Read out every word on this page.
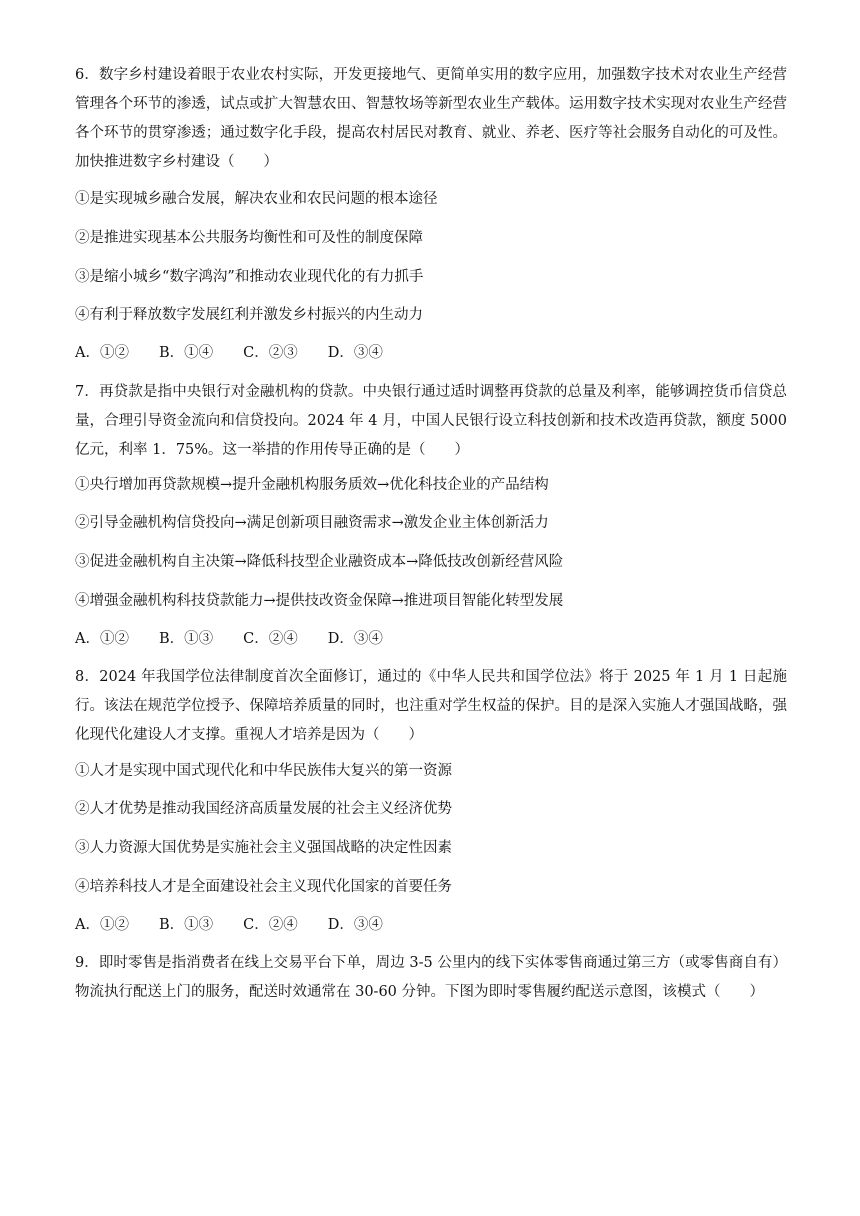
6．数字乡村建设着眼于农业农村实际，开发更接地气、更简单实用的数字应用，加强数字技术对农业生产经营管理各个环节的渗透，试点或扩大智慧农田、智慧牧场等新型农业生产载体。运用数字技术实现对农业生产经营各个环节的贯穿渗透；通过数字化手段，提高农村居民对教育、就业、养老、医疗等社会服务自动化的可及性。加快推进数字乡村建设（　　）

①是实现城乡融合发展，解决农业和农民问题的根本途径

②是推进实现基本公共服务均衡性和可及性的制度保障

③是缩小城乡“数字鸿沟”和推动农业现代化的有力抓手

④有利于释放数字发展红利并激发乡村振兴的内生动力

A．①② B．①④ C．②③ D．③④

7．再贷款是指中央银行对金融机构的贷款。中央银行通过适时调整再贷款的总量及利率，能够调控货币信贷总量，合理引导资金流向和信贷投向。2024 年 4 月，中国人民银行设立科技创新和技术改造再贷款，额度 5000 亿元，利率 1．75%。这一举措的作用传导正确的是（　　）

①央行增加再贷款规模→提升金融机构服务质效→优化科技企业的产品结构

②引导金融机构信贷投向→满足创新项目融资需求→激发企业主体创新活力

③促进金融机构自主决策→降低科技型企业融资成本→降低技改创新经营风险

④增强金融机构科技贷款能力→提供技改资金保障→推进项目智能化转型发展

A．①② B．①③ C．②④ D．③④

8．2024 年我国学位法律制度首次全面修订，通过的《中华人民共和国学位法》将于 2025 年 1 月 1 日起施行。该法在规范学位授予、保障培养质量的同时，也注重对学生权益的保护。目的是深入实施人才强国战略，强化现代化建设人才支撑。重视人才培养是因为（　　）

①人才是实现中国式现代化和中华民族伟大复兴的第一资源

②人才优势是推动我国经济高质量发展的社会主义经济优势

③人力资源大国优势是实施社会主义强国战略的决定性因素

④培养科技人才是全面建设社会主义现代化国家的首要任务

A．①② B．①③ C．②④ D．③④

9．即时零售是指消费者在线上交易平台下单，周边 3-5 公里内的线下实体零售商通过第三方（或零售商自有）物流执行配送上门的服务，配送时效通常在 30-60 分钟。下图为即时零售履约配送示意图，该模式（　　）
